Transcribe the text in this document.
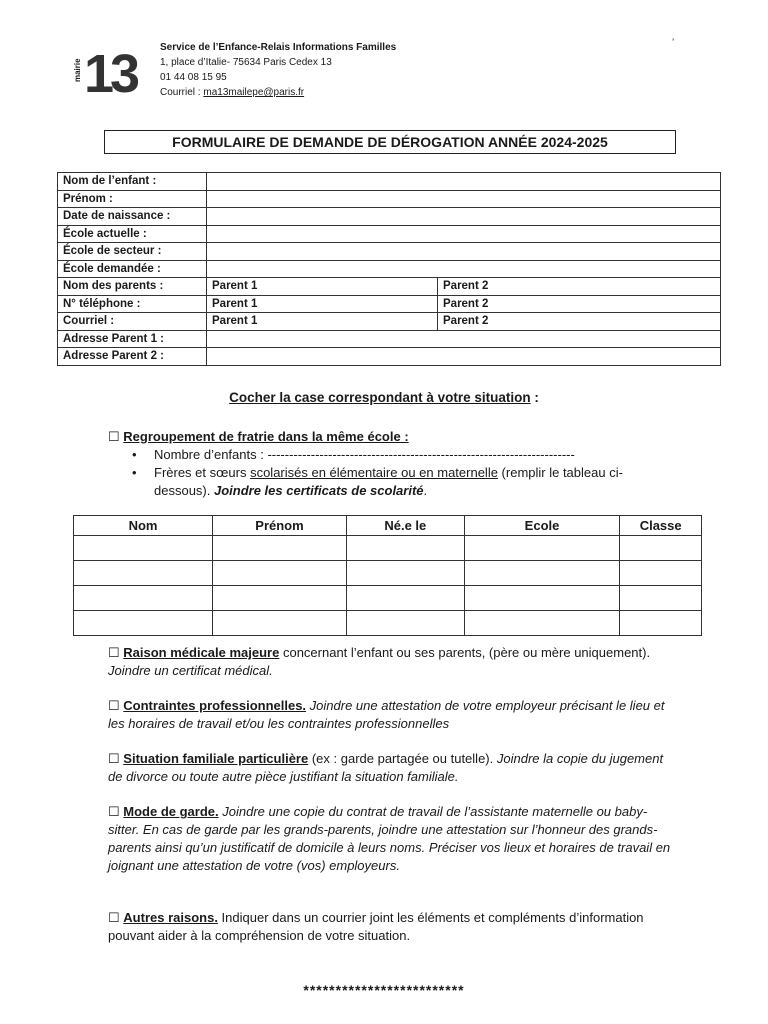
mairie 13 Service de l’Enfance-Relais Informations Familles
1, place d’Italie- 75634 Paris Cedex 13
01 44 08 15 95
Courriel : ma13mailepe@paris.fr
ʼ
FORMULAIRE DE DEMANDE DE DÉROGATION ANNÉE 2024-2025
Nom de l’enfant :		
Prénom :		
Date de naissance :		
École actuelle :		
École de secteur :		
École demandée :		
Nom des parents :	Parent 1	Parent 2
N° téléphone :	Parent 1	Parent 2
Courriel :	Parent 1	Parent 2
Adresse Parent 1 :		
Adresse Parent 2 :		
Cocher la case correspondant à votre situation :
☐ Regroupement de fratrie dans la même école :
• Nombre d’enfants : -----------------------------------------------------------------------
• Frères et sœurs scolarisés en élémentaire ou en maternelle (remplir le tableau ci-dessous). Joindre les certificats de scolarité.
Nom	Prénom	Né.e le	Ecole	Classe

☐ Raison médicale majeure concernant l’enfant ou ses parents, (père ou mère uniquement). Joindre un certificat médical.
☐ Contraintes professionnelles. Joindre une attestation de votre employeur précisant le lieu et les horaires de travail et/ou les contraintes professionnelles
☐ Situation familiale particulière (ex : garde partagée ou tutelle). Joindre la copie du jugement de divorce ou toute autre pièce justifiant la situation familiale.
☐ Mode de garde. Joindre une copie du contrat de travail de l’assistante maternelle ou baby-sitter. En cas de garde par les grands-parents, joindre une attestation sur l’honneur des grands-parents ainsi qu’un justificatif de domicile à leurs noms. Préciser vos lieux et horaires de travail en joignant une attestation de votre (vos) employeurs.
☐ Autres raisons. Indiquer dans un courrier joint les éléments et compléments d’information pouvant aider à la compréhension de votre situation.
*************************
